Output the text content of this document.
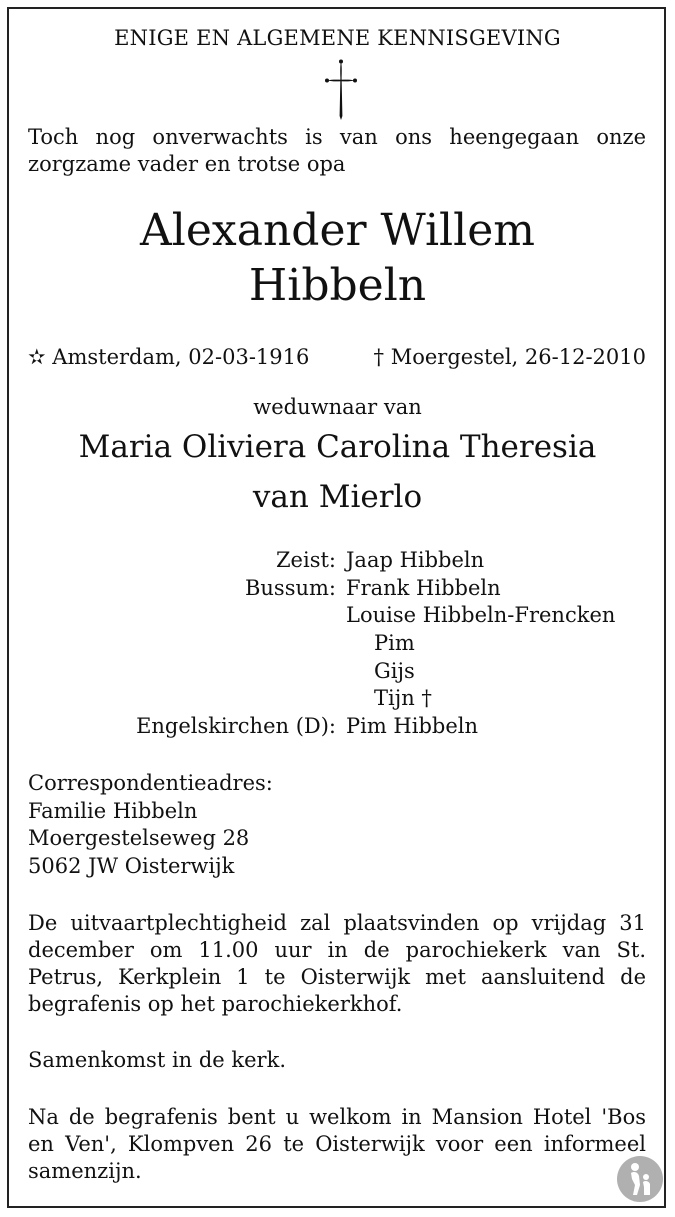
ENIGE EN ALGEMENE KENNISGEVING
Toch nog onverwachts is van ons heengegaan onze zorgzame vader en trotse opa
Alexander Willem
Hibbeln
✫ Amsterdam, 02-03-1916	† Moergestel, 26-12-2010
weduwnaar van
Maria Oliviera Carolina Theresia
van Mierlo
Zeist: Jaap Hibbeln
Bussum: Frank Hibbeln
Louise Hibbeln-Frencken
Pim
Gijs
Tijn †
Engelskirchen (D): Pim Hibbeln
Correspondentieadres:
Familie Hibbeln
Moergestelseweg 28
5062 JW Oisterwijk
De uitvaartplechtigheid zal plaatsvinden op vrijdag 31 december om 11.00 uur in de parochiekerk van St. Petrus, Kerkplein 1 te Oisterwijk met aansluitend de begrafenis op het parochiekerkhof.
Samenkomst in de kerk.
Na de begrafenis bent u welkom in Mansion Hotel 'Bos en Ven', Klompven 26 te Oisterwijk voor een informeel samenzijn.
